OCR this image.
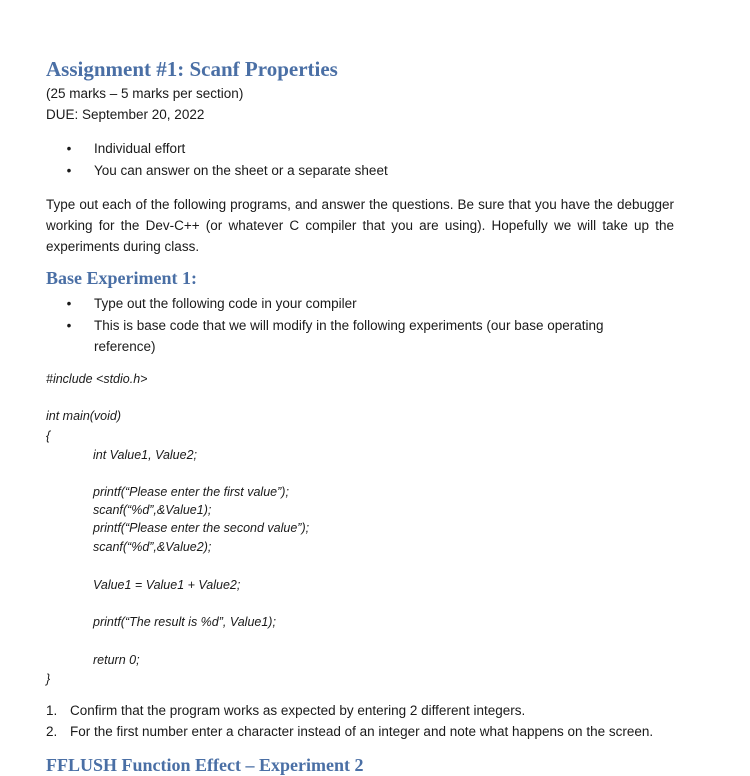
Assignment #1: Scanf Properties
(25 marks – 5 marks per section)
DUE: September 20, 2022
• Individual effort
• You can answer on the sheet or a separate sheet

Type out each of the following programs, and answer the questions. Be sure that you have the debugger working for the Dev-C++ (or whatever C compiler that you are using). Hopefully we will take up the experiments during class.

Base Experiment 1:
• Type out the following code in your compiler
• This is base code that we will modify in the following experiments (our base operating
reference)
#include <stdio.h>
int main(void)
{
int Value1, Value2;
printf(“Please enter the first value”);
scanf(“%d”,&Value1);
printf(“Please enter the second value”);
scanf(“%d”,&Value2);
Value1 = Value1 + Value2;
printf(“The result is %d”, Value1);
return 0;
}
1. Confirm that the program works as expected by entering 2 different integers.
2. For the first number enter a character instead of an integer and note what happens on the screen.
FFLUSH Function Effect – Experiment 2
